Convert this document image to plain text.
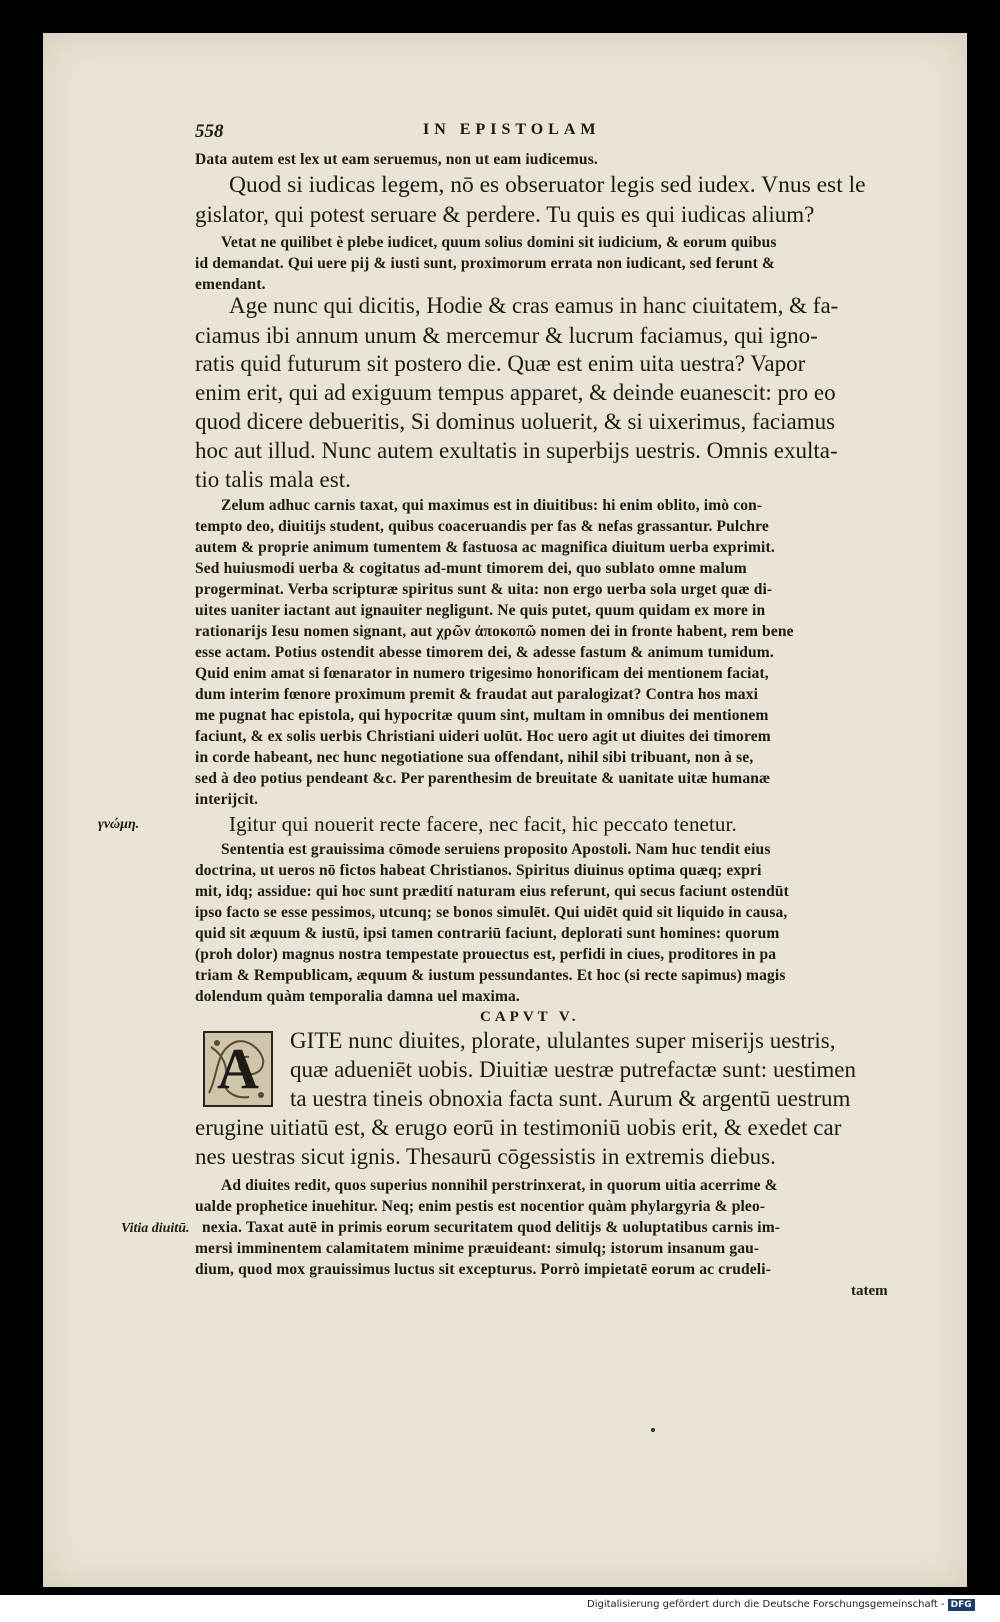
558	IN EPISTOLAM
Data autem est lex ut eam seruemus, non ut eam iudicemus.
Quod si iudicas legem, nō es obseruator legis sed iudex. Vnus est le
gislator, qui potest seruare & perdere. Tu quis es qui iudicas alium?
Vetat ne quilibet è plebe iudicet, quum solius domini sit iudicium, & eorum quibus
id demandat. Qui uere pij & iusti sunt, proximorum errata non iudicant, sed ferunt &
emendant.
Age nunc qui dicitis, Hodie & cras eamus in hanc ciuitatem, & fa-
ciamus ibi annum unum & mercemur & lucrum faciamus, qui igno-
ratis quid futurum sit postero die. Quæ est enim uita uestra? Vapor
enim erit, qui ad exiguum tempus apparet, & deinde euanescit: pro eo
quod dicere debueritis, Si dominus uoluerit, & si uixerimus, faciamus
hoc aut illud. Nunc autem exultatis in superbijs uestris. Omnis exulta-
tio talis mala est.
Zelum adhuc carnis taxat, qui maximus est in diuitibus: hi enim oblito, imò con-
tempto deo, diuitijs student, quibus coaceruandis per fas & nefas grassantur. Pulchre
autem & proprie animum tumentem & fastuosa ac magnifica diuitum uerba exprimit.
Sed huiusmodi uerba & cogitatus ad-munt timorem dei, quo sublato omne malum
progerminat. Verba scripturæ spiritus sunt & uita: non ergo uerba sola urget quæ di-
uites uaniter iactant aut ignauiter negligunt. Ne quis putet, quum quidam ex more in
rationarijs Iesu nomen signant, aut χρῶν ἀποκοπῶ nomen dei in fronte habent, rem bene
esse actam. Potius ostendit abesse timorem dei, & adesse fastum & animum tumidum.
Quid enim amat si fœnarator in numero trigesimo honorificam dei mentionem faciat,
dum interim fœnore proximum premit & fraudat aut paralogizat? Contra hos maxi
me pugnat hac epistola, qui hypocritæ quum sint, multam in omnibus dei mentionem
faciunt, & ex solis uerbis Christiani uideri uolūt. Hoc uero agit ut diuites dei timorem
in corde habeant, nec hunc negotiatione sua offendant, nihil sibi tribuant, non à se,
sed à deo potius pendeant &c. Per parenthesim de breuitate & uanitate uitæ humanæ
interijcit.
γνώμη.	Igitur qui nouerit recte facere, nec facit, hic peccato tenetur.
Sententia est grauissima cōmode seruiens proposito Apostoli. Nam huc tendit eius
doctrina, ut ueros nō fictos habeat Christianos. Spiritus diuinus optima quæq; expri
mit, idq; assidue: qui hoc sunt prædití naturam eius referunt, qui secus faciunt ostendūt
ipso facto se esse pessimos, utcunq; se bonos simulēt. Qui uidēt quid sit liquido in causa,
quid sit æquum & iustū, ipsi tamen contrariū faciunt, deplorati sunt homines: quorum
(proh dolor) magnus nostra tempestate prouectus est, perfidi in ciues, proditores in pa
triam & Rempublicam, æquum & iustum pessundantes. Et hoc (si recte sapimus) magis
dolendum quàm temporalia damna uel maxima.
CAPVT V.
A GITE nunc diuites, plorate, ululantes super miserijs uestris,
quæ adueniēt uobis. Diuitiæ uestræ putrefactæ sunt: uestimen
ta uestra tineis obnoxia facta sunt. Aurum & argentū uestrum
erugine uitiatū est, & erugo eorū in testimoniū uobis erit, & exedet car
nes uestras sicut ignis. Thesaurū cōgessistis in extremis diebus.
Ad diuites redit, quos superius nonnihil perstrinxerat, in quorum uitia acerrime &
ualde prophetice inuehitur. Neq; enim pestis est nocentior quàm phylargyria & pleo-
Vitia diuitū. nexia. Taxat autē in primis eorum securitatem quod delitijs & uoluptatibus carnis im-
mersi imminentem calamitatem minime præuideant: simulq; istorum insanum gau-
dium, quod mox grauissimus luctus sit excepturus. Porrò impietatē eorum ac crudeli-
tatem
Digitalisierung gefördert durch die Deutsche Forschungsgemeinschaft - DFG
